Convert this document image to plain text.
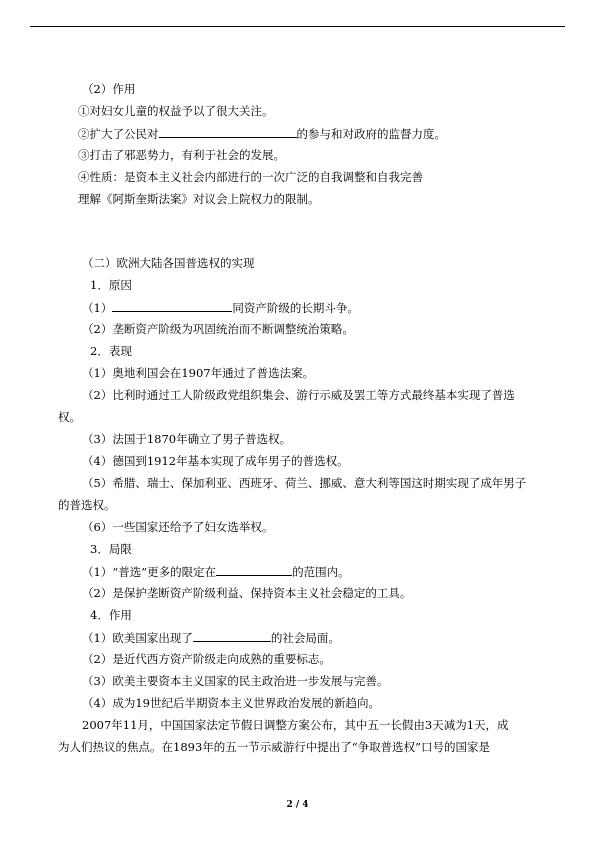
（2）作用
①对妇女儿童的权益予以了很大关注。
②扩大了公民对	的参与和对政府的监督力度。
③打击了邪恶势力，有利于社会的发展。
④性质：是资本主义社会内部进行的一次广泛的自我调整和自我完善
理解《阿斯奎斯法案》对议会上院权力的限制。
（二）欧洲大陆各国普选权的实现
1．原因
（1）	同资产阶级的长期斗争。
（2）垄断资产阶级为巩固统治而不断调整统治策略。
2．表现
（1）奥地利国会在1907年通过了普选法案。
（2）比利时通过工人阶级政党组织集会、游行示威及罢工等方式最终基本实现了普选
权。
（3）法国于1870年确立了男子普选权。
（4）德国到1912年基本实现了成年男子的普选权。
（5）希腊、瑞士、保加利亚、西班牙、荷兰、挪威、意大利等国这时期实现了成年男子
的普选权。
（6）一些国家还给予了妇女选举权。
3．局限
（1）“普选”更多的限定在	的范围内。
（2）是保护垄断资产阶级利益、保持资本主义社会稳定的工具。
4．作用
（1）欧美国家出现了	的社会局面。
（2）是近代西方资产阶级走向成熟的重要标志。
（3）欧美主要资本主义国家的民主政治进一步发展与完善。
（4）成为19世纪后半期资本主义世界政治发展的新趋向。
2007年11月，中国国家法定节假日调整方案公布，其中五一长假由3天减为1天，成
为人们热议的焦点。在1893年的五一节示威游行中提出了“争取普选权”口号的国家是
2 / 4
